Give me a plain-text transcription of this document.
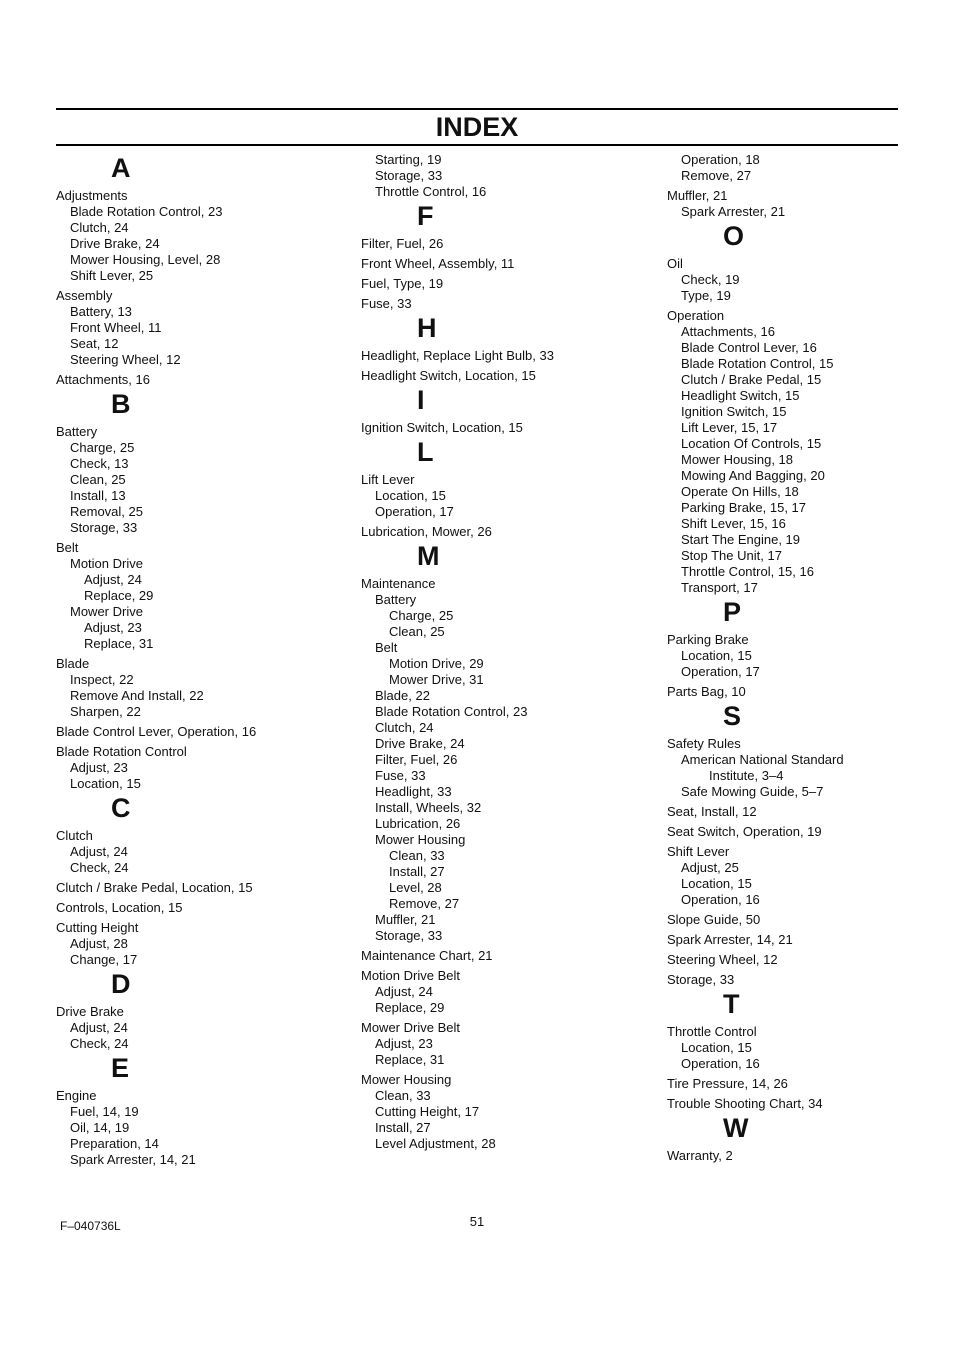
INDEX
A
Adjustments
Blade Rotation Control, 23
Clutch, 24
Drive Brake, 24
Mower Housing, Level, 28
Shift Lever, 25
Assembly
Battery, 13
Front Wheel, 11
Seat, 12
Steering Wheel, 12
Attachments, 16
B
Battery
Charge, 25
Check, 13
Clean, 25
Install, 13
Removal, 25
Storage, 33
Belt
Motion Drive
Adjust, 24
Replace, 29
Mower Drive
Adjust, 23
Replace, 31
Blade
Inspect, 22
Remove And Install, 22
Sharpen, 22
Blade Control Lever, Operation, 16
Blade Rotation Control
Adjust, 23
Location, 15
C
Clutch
Adjust, 24
Check, 24
Clutch / Brake Pedal, Location, 15
Controls, Location, 15
Cutting Height
Adjust, 28
Change, 17
D
Drive Brake
Adjust, 24
Check, 24
E
Engine
Fuel, 14, 19
Oil, 14, 19
Preparation, 14
Spark Arrester, 14, 21
Starting, 19
Storage, 33
Throttle Control, 16
F
Filter, Fuel, 26
Front Wheel, Assembly, 11
Fuel, Type, 19
Fuse, 33
H
Headlight, Replace Light Bulb, 33
Headlight Switch, Location, 15
I
Ignition Switch, Location, 15
L
Lift Lever
Location, 15
Operation, 17
Lubrication, Mower, 26
M
Maintenance
Battery
Charge, 25
Clean, 25
Belt
Motion Drive, 29
Mower Drive, 31
Blade, 22
Blade Rotation Control, 23
Clutch, 24
Drive Brake, 24
Filter, Fuel, 26
Fuse, 33
Headlight, 33
Install, Wheels, 32
Lubrication, 26
Mower Housing
Clean, 33
Install, 27
Level, 28
Remove, 27
Muffler, 21
Storage, 33
Maintenance Chart, 21
Motion Drive Belt
Adjust, 24
Replace, 29
Mower Drive Belt
Adjust, 23
Replace, 31
Mower Housing
Clean, 33
Cutting Height, 17
Install, 27
Level Adjustment, 28
Operation, 18
Remove, 27
Muffler, 21
Spark Arrester, 21
O
Oil
Check, 19
Type, 19
Operation
Attachments, 16
Blade Control Lever, 16
Blade Rotation Control, 15
Clutch / Brake Pedal, 15
Headlight Switch, 15
Ignition Switch, 15
Lift Lever, 15, 17
Location Of Controls, 15
Mower Housing, 18
Mowing And Bagging, 20
Operate On Hills, 18
Parking Brake, 15, 17
Shift Lever, 15, 16
Start The Engine, 19
Stop The Unit, 17
Throttle Control, 15, 16
Transport, 17
P
Parking Brake
Location, 15
Operation, 17
Parts Bag, 10
S
Safety Rules
American National Standard
Institute, 3–4
Safe Mowing Guide, 5–7
Seat, Install, 12
Seat Switch, Operation, 19
Shift Lever
Adjust, 25
Location, 15
Operation, 16
Slope Guide, 50
Spark Arrester, 14, 21
Steering Wheel, 12
Storage, 33
T
Throttle Control
Location, 15
Operation, 16
Tire Pressure, 14, 26
Trouble Shooting Chart, 34
W
Warranty, 2
F–040736L	51
